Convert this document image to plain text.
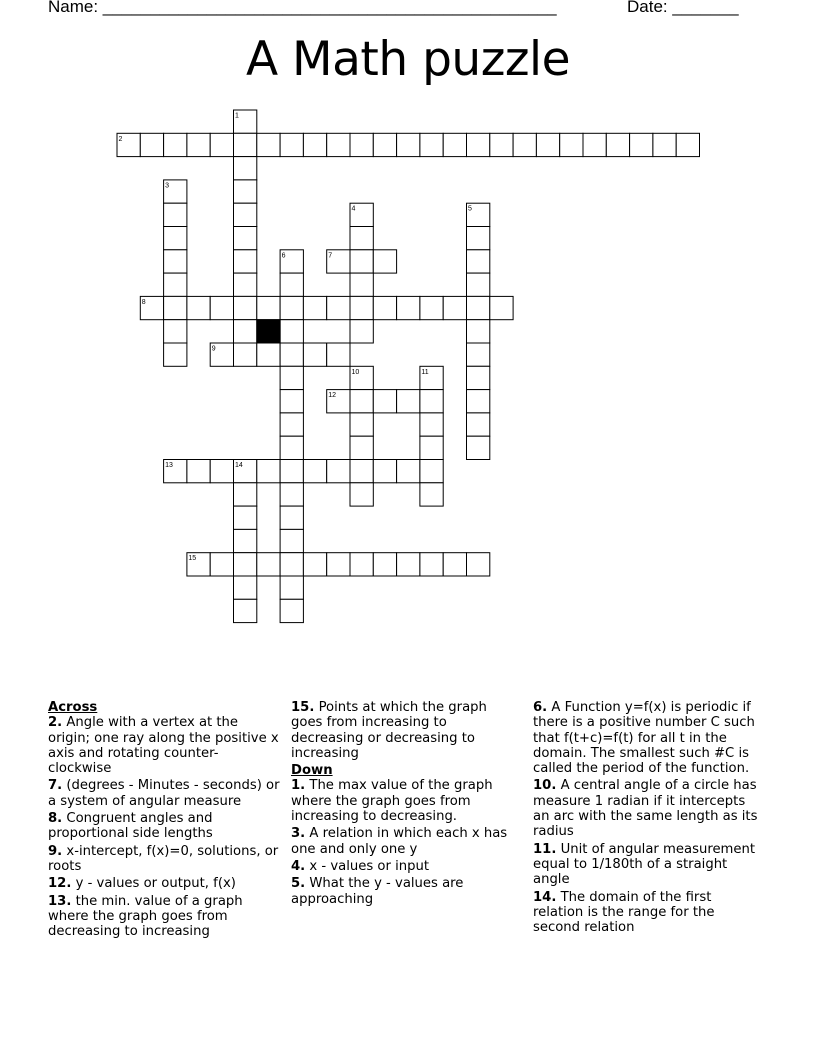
Name: ________________________________________________	Date: _______
A Math puzzle
1
2
3
4	5
6	7
8
9
10	11
12
13	14
15
Across
2. Angle with a vertex at the origin; one ray along the positive x axis and rotating counter-clockwise
7. (degrees - Minutes - seconds) or a system of angular measure
8. Congruent angles and proportional side lengths
9. x-intercept, f(x)=0, solutions, or roots
12. y - values or output, f(x)
13. the min. value of a graph where the graph goes from decreasing to increasing
15. Points at which the graph goes from increasing to decreasing or decreasing to increasing
Down
1. The max value of the graph where the graph goes from increasing to decreasing.
3. A relation in which each x has one and only one y
4. x - values or input
5. What the y - values are approaching
6. A Function y=f(x) is periodic if there is a positive number C such that f(t+c)=f(t) for all t in the domain. The smallest such #C is called the period of the function.
10. A central angle of a circle has measure 1 radian if it intercepts an arc with the same length as its radius
11. Unit of angular measurement equal to 1/180th of a straight angle
14. The domain of the first relation is the range for the second relation
